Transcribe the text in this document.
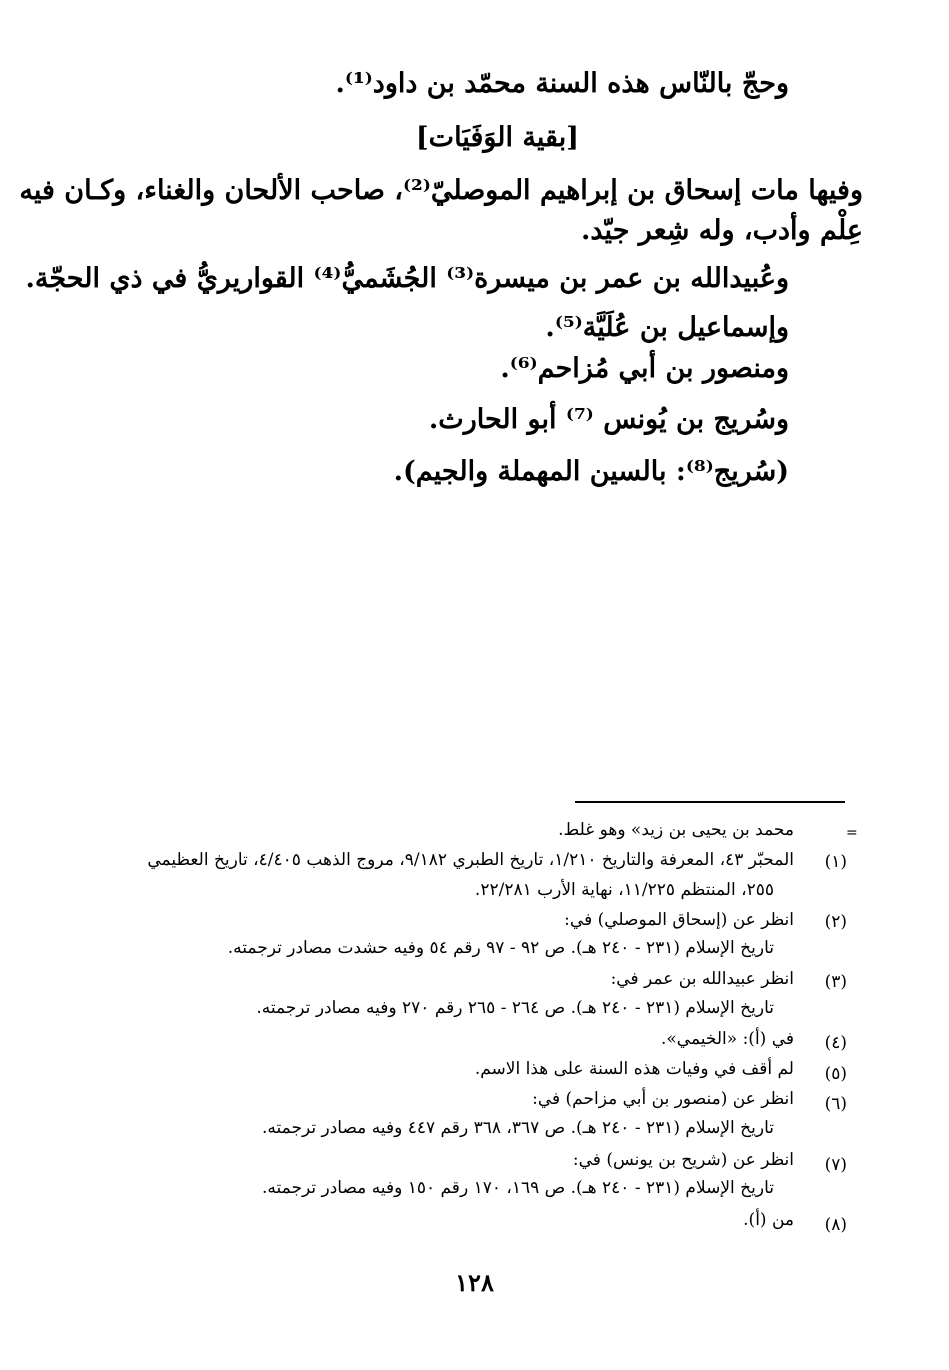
وحجّ بالنّاس هذه السنة محمّد بن داود⁽¹⁾.
[بقية الوَفَيَات]
وفيها مات إسحاق بن إبراهيم الموصليّ⁽²⁾، صاحب الألحان والغناء، وكـان فيه
عِلْم وأدب، وله شِعر جيّد.
وعُبيدالله بن عمر بن ميسرة⁽³⁾ الجُشَميُّ⁽⁴⁾ القواريريُّ في ذي الحجّة.
وإسماعيل بن عُلَيَّة⁽⁵⁾.
ومنصور بن أبي مُزاحم⁽⁶⁾.
وسُريج بن يُونس ⁽⁷⁾ أبو الحارث.
(سُريج⁽⁸⁾: بالسين المهملة والجيم).
=
محمد بن يحيى بن زيد» وهو غلط.
(١)
المحبّر ٤٣، المعرفة والتاريخ ١/٢١٠، تاريخ الطبري ٩/١٨٢، مروج الذهب ٤/٤٠٥، تاريخ العظيمي
٢٥٥، المنتظم ١١/٢٢٥، نهاية الأرب ٢٢/٢٨١.
(٢)
انظر عن (إسحاق الموصلي) في:
تاريخ الإسلام (٢٣١ - ٢٤٠ هـ). ص ٩٢ - ٩٧ رقم ٥٤ وفيه حشدت مصادر ترجمته.
(٣)
انظر عبيدالله بن عمر في:
تاريخ الإسلام (٢٣١ - ٢٤٠ هـ). ص ٢٦٤ - ٢٦٥ رقم ٢٧٠ وفيه مصادر ترجمته.
(٤)
في (أ): «الخيمي».
(٥)
لم أقف في وفيات هذه السنة على هذا الاسم.
(٦)
انظر عن (منصور بن أبي مزاحم) في:
تاريخ الإسلام (٢٣١ - ٢٤٠ هـ). ص ٣٦٧، ٣٦٨ رقم ٤٤٧ وفيه مصادر ترجمته.
(٧)
انظر عن (شريح بن يونس) في:
تاريخ الإسلام (٢٣١ - ٢٤٠ هـ). ص ١٦٩، ١٧٠ رقم ١٥٠ وفيه مصادر ترجمته.
(٨)
من (أ).
١٢٨
